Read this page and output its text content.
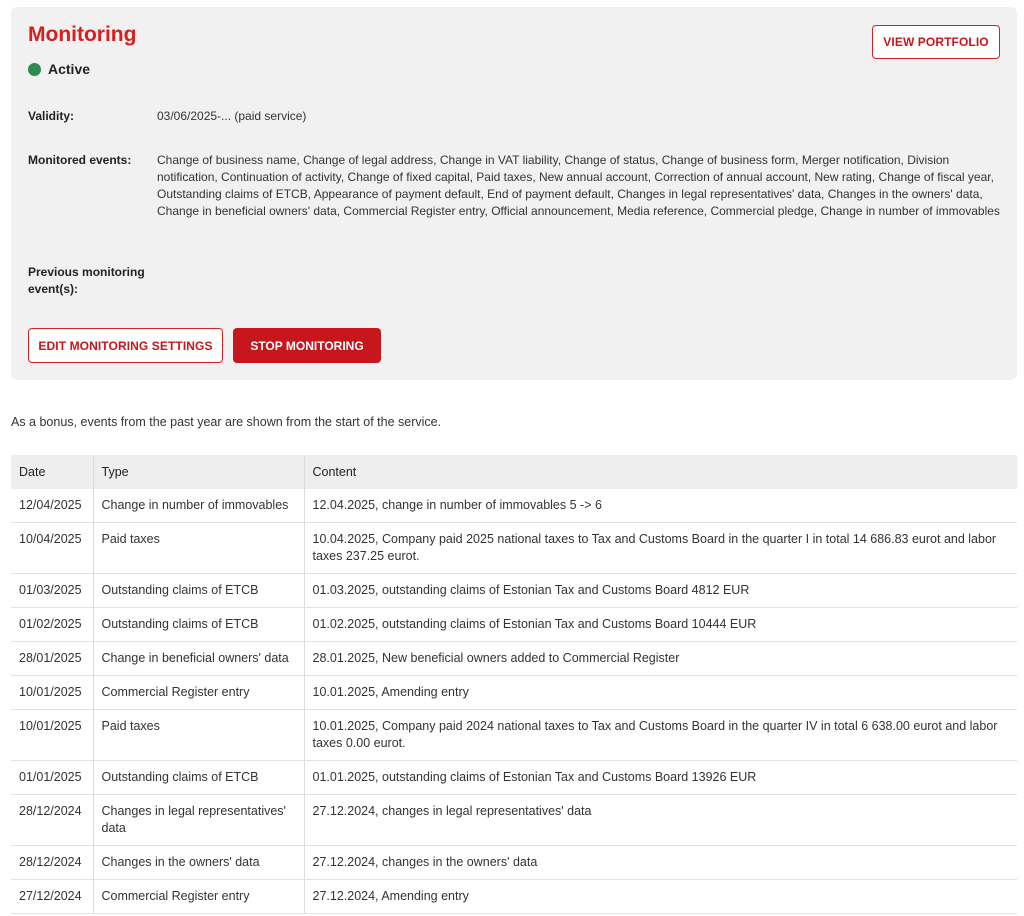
Monitoring
Active
VIEW PORTFOLIO
Validity:	03/06/2025-... (paid service)
Monitored events: Change of business name, Change of legal address, Change in VAT liability, Change of status, Change of business form, Merger notification, Division notification, Continuation of activity, Change of fixed capital, Paid taxes, New annual account, Correction of annual account, New rating, Change of fiscal year, Outstanding claims of ETCB, Appearance of payment default, End of payment default, Changes in legal representatives' data, Changes in the owners' data, Change in beneficial owners' data, Commercial Register entry, Official announcement, Media reference, Commercial pledge, Change in number of immovables
Previous monitoring event(s):
EDIT MONITORING SETTINGS	STOP MONITORING
As a bonus, events from the past year are shown from the start of the service.
Date	Type	Content
12/04/2025	Change in number of immovables	12.04.2025, change in number of immovables 5 -> 6
10/04/2025	Paid taxes	10.04.2025, Company paid 2025 national taxes to Tax and Customs Board in the quarter I in total 14 686.83 eurot and labor taxes 237.25 eurot.
01/03/2025	Outstanding claims of ETCB	01.03.2025, outstanding claims of Estonian Tax and Customs Board 4812 EUR
01/02/2025	Outstanding claims of ETCB	01.02.2025, outstanding claims of Estonian Tax and Customs Board 10444 EUR
28/01/2025	Change in beneficial owners' data	28.01.2025, New beneficial owners added to Commercial Register
10/01/2025	Commercial Register entry	10.01.2025, Amending entry
10/01/2025	Paid taxes	10.01.2025, Company paid 2024 national taxes to Tax and Customs Board in the quarter IV in total 6 638.00 eurot and labor taxes 0.00 eurot.
01/01/2025	Outstanding claims of ETCB	01.01.2025, outstanding claims of Estonian Tax and Customs Board 13926 EUR
28/12/2024	Changes in legal representatives' data	27.12.2024, changes in legal representatives' data
28/12/2024	Changes in the owners' data	27.12.2024, changes in the owners' data
27/12/2024	Commercial Register entry	27.12.2024, Amending entry
